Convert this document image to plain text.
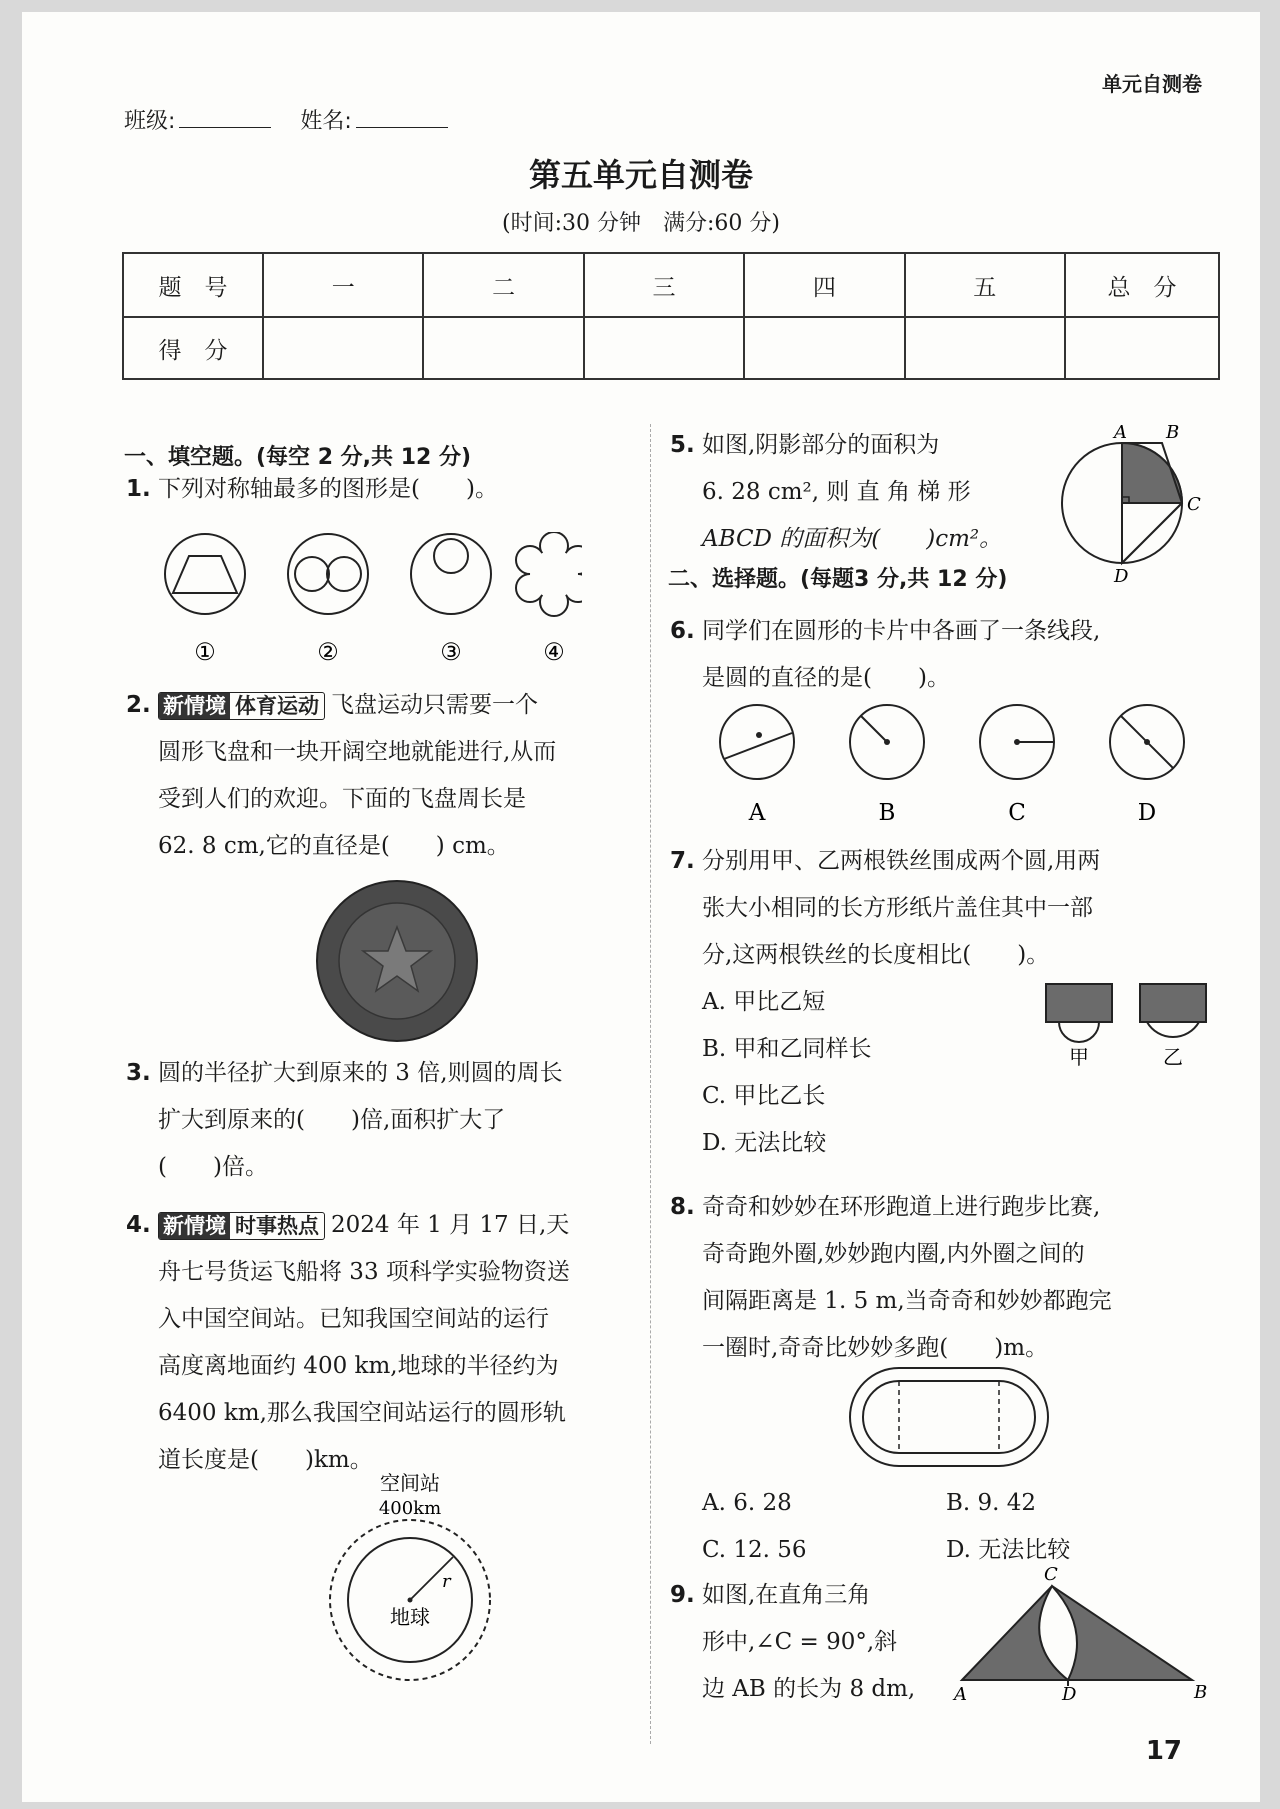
单元自测卷
班级:	姓名:
第五单元自测卷
(时间:30 分钟　满分:60 分)
题　号	一	二	三	四	五	总　分
得　分						
一、填空题。(每空 2 分,共 12 分)
1. 下列对称轴最多的图形是(　　)。
①	②	③	④
2. 新情境 体育运动 飞盘运动只需要一个
圆形飞盘和一块开阔空地就能进行,从而
受到人们的欢迎。下面的飞盘周长是
62. 8 cm,它的直径是(　　) cm。
3. 圆的半径扩大到原来的 3 倍,则圆的周长
扩大到原来的(　　)倍,面积扩大了
(　　)倍。
4. 新情境 时事热点 2024 年 1 月 17 日,天
舟七号货运飞船将 33 项科学实验物资送
入中国空间站。已知我国空间站的运行
高度离地面约 400 km,地球的半径约为
6400 km,那么我国空间站运行的圆形轨
道长度是(　　)km。
空间站
400km
r
地球
5. 如图,阴影部分的面积为
6. 28 cm², 则 直 角 梯 形
ABCD 的面积为(　　)cm²。
A B
C
D
二、选择题。(每题3 分,共 12 分)
6. 同学们在圆形的卡片中各画了一条线段,
是圆的直径的是(　　)。
A	B	C	D
7. 分别用甲、乙两根铁丝围成两个圆,用两
张大小相同的长方形纸片盖住其中一部
分,这两根铁丝的长度相比(　　)。
A. 甲比乙短
B. 甲和乙同样长
C. 甲比乙长
D. 无法比较
甲	乙
8. 奇奇和妙妙在环形跑道上进行跑步比赛,
奇奇跑外圈,妙妙跑内圈,内外圈之间的
间隔距离是 1. 5 m,当奇奇和妙妙都跑完
一圈时,奇奇比妙妙多跑(　　)m。
A. 6. 28	B. 9. 42
C. 12. 56	D. 无法比较
9. 如图,在直角三角
形中,∠C = 90°,斜
边 AB 的长为 8 dm,
C
A	D	B
17
